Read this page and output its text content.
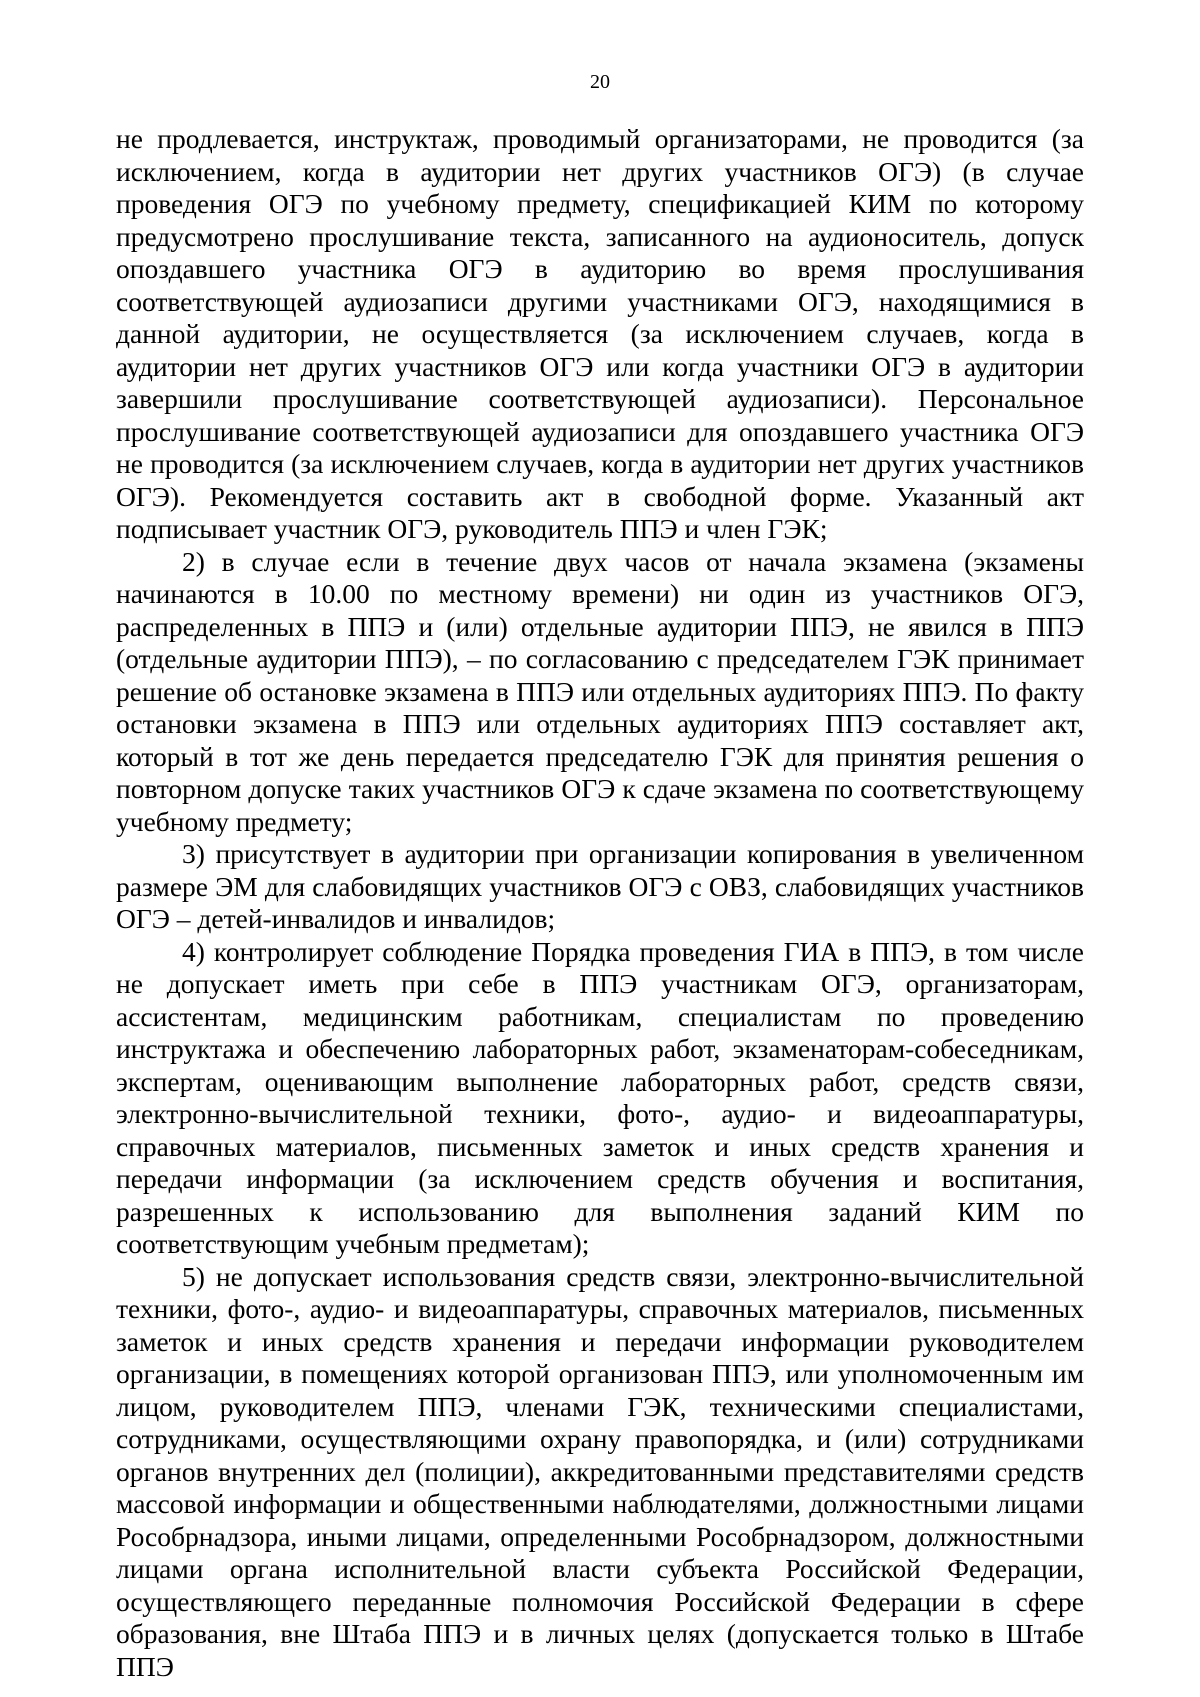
20

не продлевается, инструктаж, проводимый организаторами, не проводится (за исключением, когда в аудитории нет других участников ОГЭ) (в случае проведения ОГЭ по учебному предмету, спецификацией КИМ по которому предусмотрено прослушивание текста, записанного на аудионоситель, допуск опоздавшего участника ОГЭ в аудиторию во время прослушивания соответствующей аудиозаписи другими участниками ОГЭ, находящимися в данной аудитории, не осуществляется (за исключением случаев, когда в аудитории нет других участников ОГЭ или когда участники ОГЭ в аудитории завершили прослушивание соответствующей аудиозаписи). Персональное прослушивание соответствующей аудиозаписи для опоздавшего участника ОГЭ не проводится (за исключением случаев, когда в аудитории нет других участников ОГЭ). Рекомендуется составить акт в свободной форме. Указанный акт подписывает участник ОГЭ, руководитель ППЭ и член ГЭК;

2) в случае если в течение двух часов от начала экзамена (экзамены начинаются в 10.00 по местному времени) ни один из участников ОГЭ, распределенных в ППЭ и (или) отдельные аудитории ППЭ, не явился в ППЭ (отдельные аудитории ППЭ), – по согласованию с председателем ГЭК принимает решение об остановке экзамена в ППЭ или отдельных аудиториях ППЭ. По факту остановки экзамена в ППЭ или отдельных аудиториях ППЭ составляет акт, который в тот же день передается председателю ГЭК для принятия решения о повторном допуске таких участников ОГЭ к сдаче экзамена по соответствующему учебному предмету;

3) присутствует в аудитории при организации копирования в увеличенном размере ЭМ для слабовидящих участников ОГЭ с ОВЗ, слабовидящих участников ОГЭ – детей-инвалидов и инвалидов;

4) контролирует соблюдение Порядка проведения ГИА в ППЭ, в том числе не допускает иметь при себе в ППЭ участникам ОГЭ, организаторам, ассистентам, медицинским работникам, специалистам по проведению инструктажа и обеспечению лабораторных работ, экзаменаторам-собеседникам, экспертам, оценивающим выполнение лабораторных работ, средств связи, электронно-вычислительной техники, фото-, аудио- и видеоаппаратуры, справочных материалов, письменных заметок и иных средств хранения и передачи информации (за исключением средств обучения и воспитания, разрешенных к использованию для выполнения заданий КИМ по соответствующим учебным предметам);

5) не допускает использования средств связи, электронно-вычислительной техники, фото-, аудио- и видеоаппаратуры, справочных материалов, письменных заметок и иных средств хранения и передачи информации руководителем организации, в помещениях которой организован ППЭ, или уполномоченным им лицом, руководителем ППЭ, членами ГЭК, техническими специалистами, сотрудниками, осуществляющими охрану правопорядка, и (или) сотрудниками органов внутренних дел (полиции), аккредитованными представителями средств массовой информации и общественными наблюдателями, должностными лицами Рособрнадзора, иными лицами, определенными Рособрнадзором, должностными лицами органа исполнительной власти субъекта Российской Федерации, осуществляющего переданные полномочия Российской Федерации в сфере образования, вне Штаба ППЭ и в личных целях (допускается только в Штабе ППЭ
